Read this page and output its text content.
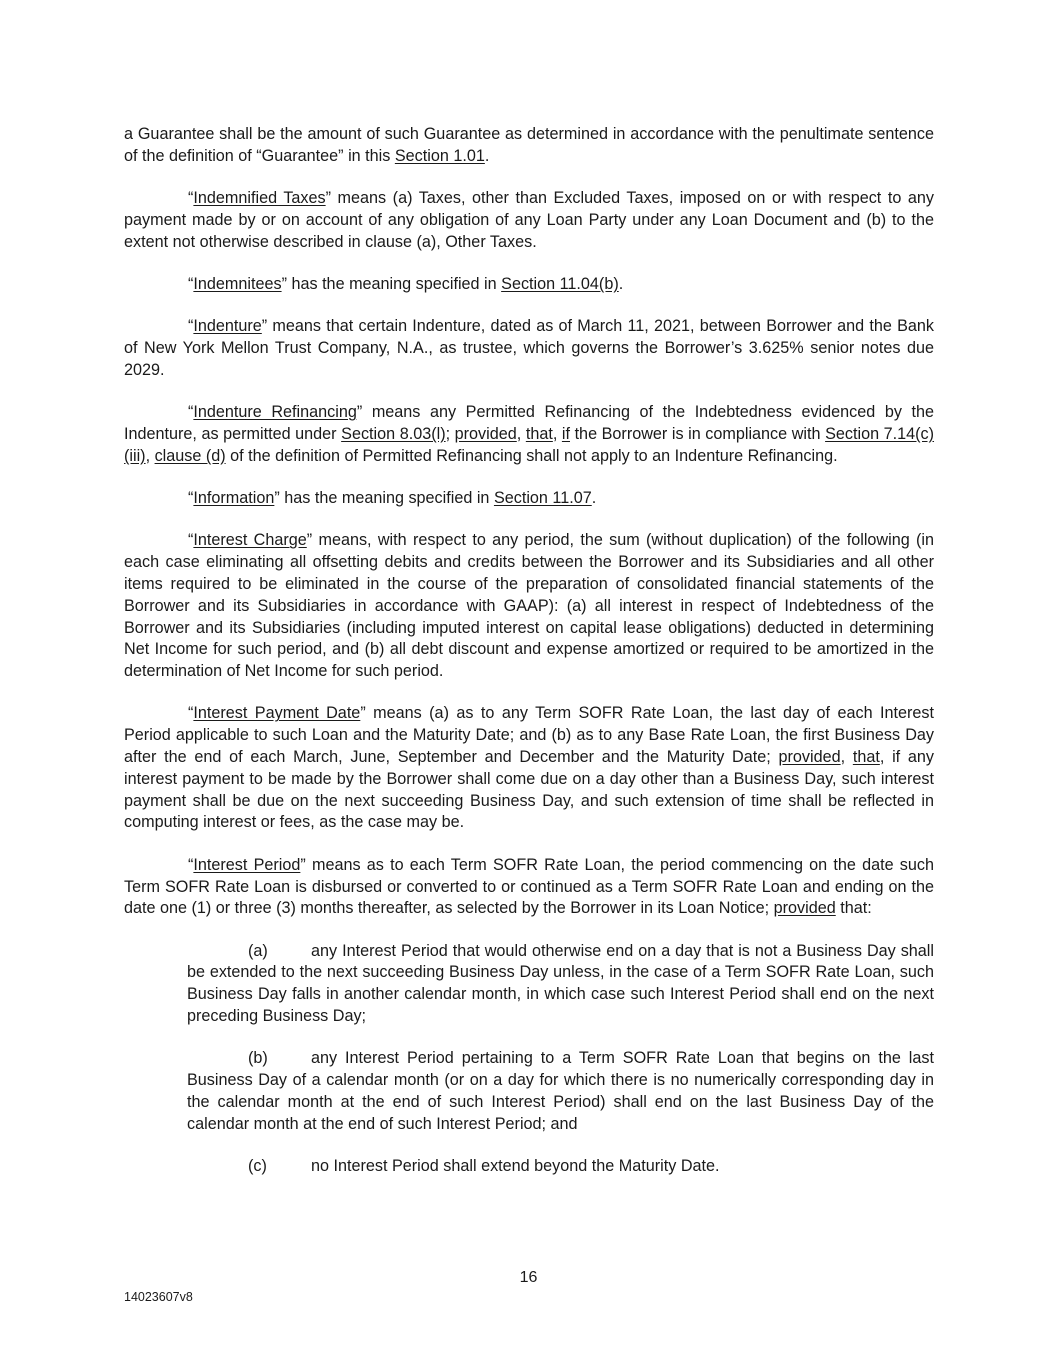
a Guarantee shall be the amount of such Guarantee as determined in accordance with the penultimate sentence of the definition of “Guarantee” in this Section 1.01.

“Indemnified Taxes” means (a) Taxes, other than Excluded Taxes, imposed on or with respect to any payment made by or on account of any obligation of any Loan Party under any Loan Document and (b) to the extent not otherwise described in clause (a), Other Taxes.

“Indemnitees” has the meaning specified in Section 11.04(b).

“Indenture” means that certain Indenture, dated as of March 11, 2021, between Borrower and the Bank of New York Mellon Trust Company, N.A., as trustee, which governs the Borrower’s 3.625% senior notes due 2029.

“Indenture Refinancing” means any Permitted Refinancing of the Indebtedness evidenced by the Indenture, as permitted under Section 8.03(l); provided, that, if the Borrower is in compliance with Section 7.14(c)(iii), clause (d) of the definition of Permitted Refinancing shall not apply to an Indenture Refinancing.

“Information” has the meaning specified in Section 11.07.

“Interest Charge” means, with respect to any period, the sum (without duplication) of the following (in each case eliminating all offsetting debits and credits between the Borrower and its Subsidiaries and all other items required to be eliminated in the course of the preparation of consolidated financial statements of the Borrower and its Subsidiaries in accordance with GAAP): (a) all interest in respect of Indebtedness of the Borrower and its Subsidiaries (including imputed interest on capital lease obligations) deducted in determining Net Income for such period, and (b) all debt discount and expense amortized or required to be amortized in the determination of Net Income for such period.

“Interest Payment Date” means (a) as to any Term SOFR Rate Loan, the last day of each Interest Period applicable to such Loan and the Maturity Date; and (b) as to any Base Rate Loan, the first Business Day after the end of each March, June, September and December and the Maturity Date; provided, that, if any interest payment to be made by the Borrower shall come due on a day other than a Business Day, such interest payment shall be due on the next succeeding Business Day, and such extension of time shall be reflected in computing interest or fees, as the case may be.

“Interest Period” means as to each Term SOFR Rate Loan, the period commencing on the date such Term SOFR Rate Loan is disbursed or converted to or continued as a Term SOFR Rate Loan and ending on the date one (1) or three (3) months thereafter, as selected by the Borrower in its Loan Notice; provided that:

(a)	any Interest Period that would otherwise end on a day that is not a Business Day shall be extended to the next succeeding Business Day unless, in the case of a Term SOFR Rate Loan, such Business Day falls in another calendar month, in which case such Interest Period shall end on the next preceding Business Day;

(b)	any Interest Period pertaining to a Term SOFR Rate Loan that begins on the last Business Day of a calendar month (or on a day for which there is no numerically corresponding day in the calendar month at the end of such Interest Period) shall end on the last Business Day of the calendar month at the end of such Interest Period; and

(c)	no Interest Period shall extend beyond the Maturity Date.

16
14023607v8
